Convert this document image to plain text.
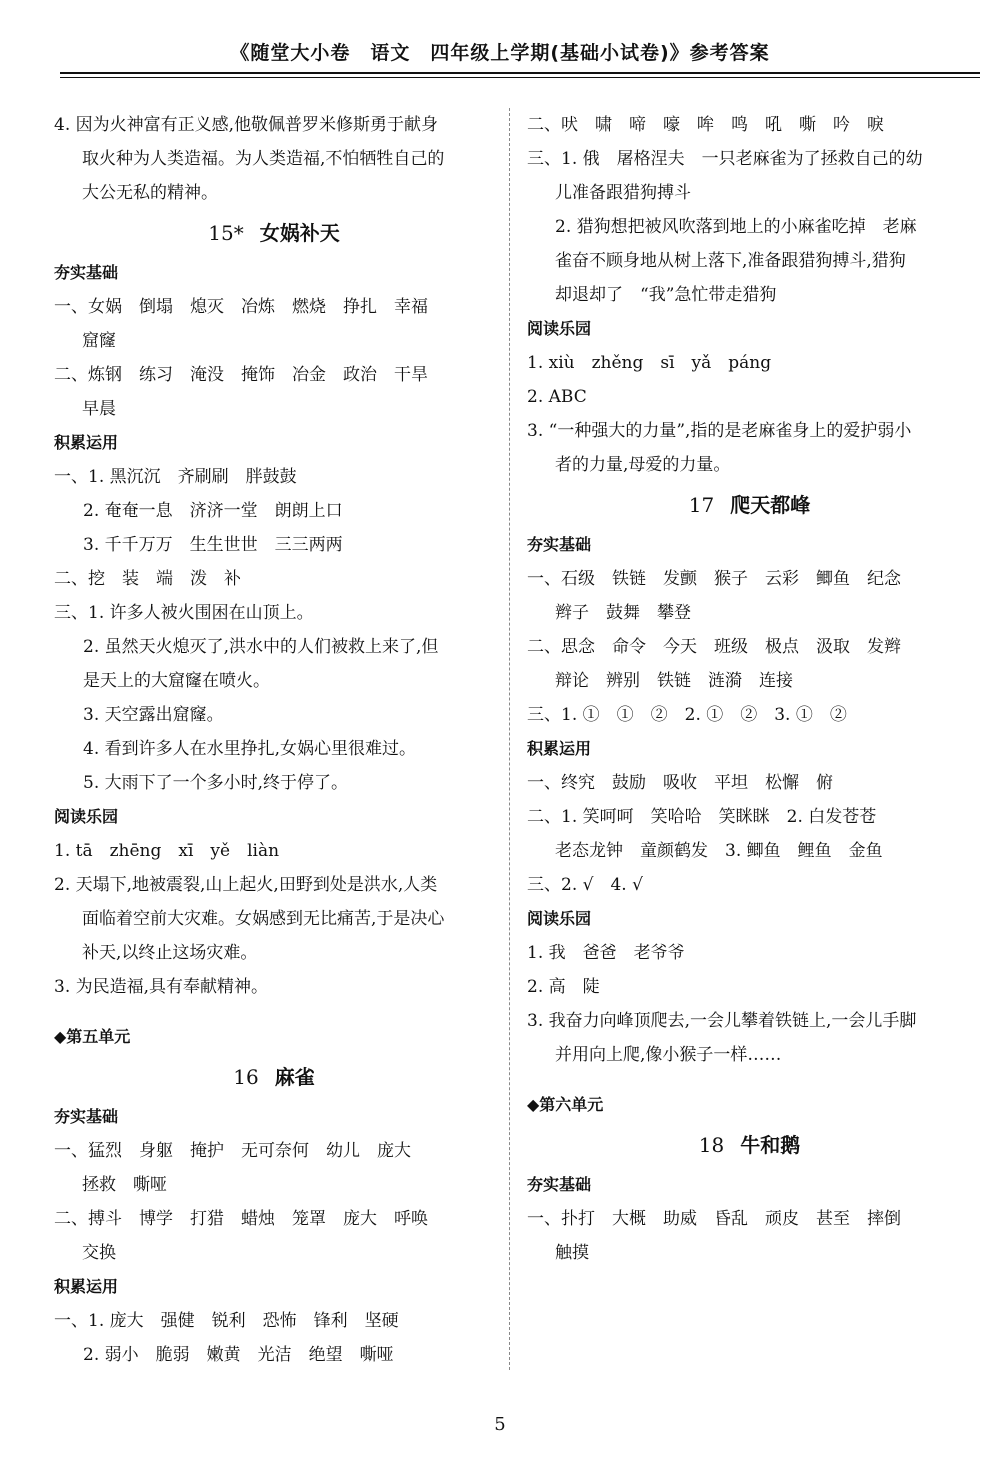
《随堂大小卷　语文　四年级上学期(基础小试卷)》参考答案
4. 因为火神富有正义感,他敬佩普罗米修斯勇于献身
取火种为人类造福。为人类造福,不怕牺牲自己的
大公无私的精神。
15* 女娲补天
夯实基础
一、女娲　倒塌　熄灭　冶炼　燃烧　挣扎　幸福
窟窿
二、炼钢　练习　淹没　掩饰　冶金　政治　干旱
早晨
积累运用
一、1. 黑沉沉　齐刷刷　胖鼓鼓
2. 奄奄一息　济济一堂　朗朗上口
3. 千千万万　生生世世　三三两两
二、挖　装　端　泼　补
三、1. 许多人被火围困在山顶上。
2. 虽然天火熄灭了,洪水中的人们被救上来了,但
是天上的大窟窿在喷火。
3. 天空露出窟窿。
4. 看到许多人在水里挣扎,女娲心里很难过。
5. 大雨下了一个多小时,终于停了。
阅读乐园
1. tā　zhēng　xī　yě　liàn
2. 天塌下,地被震裂,山上起火,田野到处是洪水,人类
面临着空前大灾难。女娲感到无比痛苦,于是决心
补天,以终止这场灾难。
3. 为民造福,具有奉献精神。
◆第五单元
16 麻雀
夯实基础
一、猛烈　身躯　掩护　无可奈何　幼儿　庞大
拯救　嘶哑
二、搏斗　博学　打猎　蜡烛　笼罩　庞大　呼唤
交换
积累运用
一、1. 庞大　强健　锐利　恐怖　锋利　坚硬
2. 弱小　脆弱　嫩黄　光洁　绝望　嘶哑
二、吠　啸　啼　嚎　哞　鸣　吼　嘶　吟　唳
三、1. 俄　屠格涅夫　一只老麻雀为了拯救自己的幼
儿准备跟猎狗搏斗
2. 猎狗想把被风吹落到地上的小麻雀吃掉　老麻
雀奋不顾身地从树上落下,准备跟猎狗搏斗,猎狗
却退却了　“我”急忙带走猎狗
阅读乐园
1. xiù　zhěng　sī　yǎ　páng
2. ABC
3. “一种强大的力量”,指的是老麻雀身上的爱护弱小
者的力量,母爱的力量。
17 爬天都峰
夯实基础
一、石级　铁链　发颤　猴子　云彩　鲫鱼　纪念
辫子　鼓舞　攀登
二、思念　命令　今天　班级　极点　汲取　发辫
辩论　辨别　铁链　涟漪　连接
三、1. ①　①　②　2. ①　②　3. ①　②
积累运用
一、终究　鼓励　吸收　平坦　松懈　俯
二、1. 笑呵呵　笑哈哈　笑眯眯　2. 白发苍苍
老态龙钟　童颜鹤发　3. 鲫鱼　鲤鱼　金鱼
三、2. √　4. √
阅读乐园
1. 我　爸爸　老爷爷
2. 高　陡
3. 我奋力向峰顶爬去,一会儿攀着铁链上,一会儿手脚
并用向上爬,像小猴子一样……
◆第六单元
18 牛和鹅
夯实基础
一、扑打　大概　助威　昏乱　顽皮　甚至　摔倒
触摸
5
